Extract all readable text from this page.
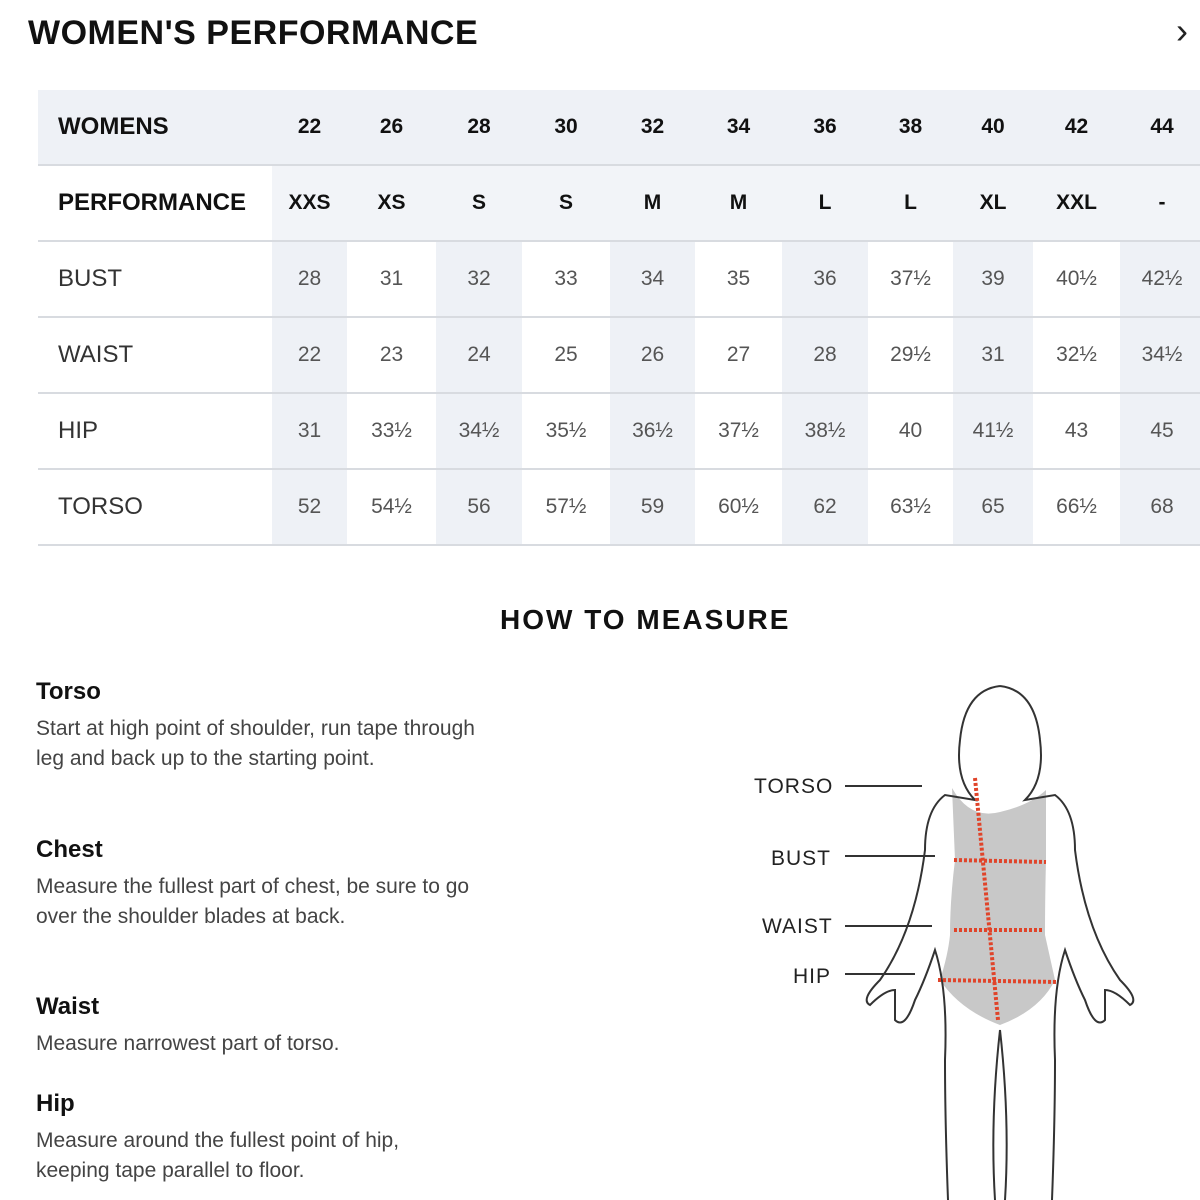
WOMEN'S PERFORMANCE	›
WOMENS	22	26	28	30	32	34	36	38	40	42	44
PERFORMANCE	XXS	XS	S	S	M	M	L	L	XL	XXL	-
BUST	28	31	32	33	34	35	36	37½	39	40½	42½
WAIST	22	23	24	25	26	27	28	29½	31	32½	34½
HIP	31	33½	34½	35½	36½	37½	38½	40	41½	43	45
TORSO	52	54½	56	57½	59	60½	62	63½	65	66½	68
HOW TO MEASURE
Torso

Start at high point of shoulder, run tape through leg and back up to the starting point.

Chest

Measure the fullest part of chest, be sure to go over the shoulder blades at back.

Waist

Measure narrowest part of torso.

Hip

Measure around the fullest point of hip, keeping tape parallel to floor.

TORSO
BUST
WAIST
HIP
